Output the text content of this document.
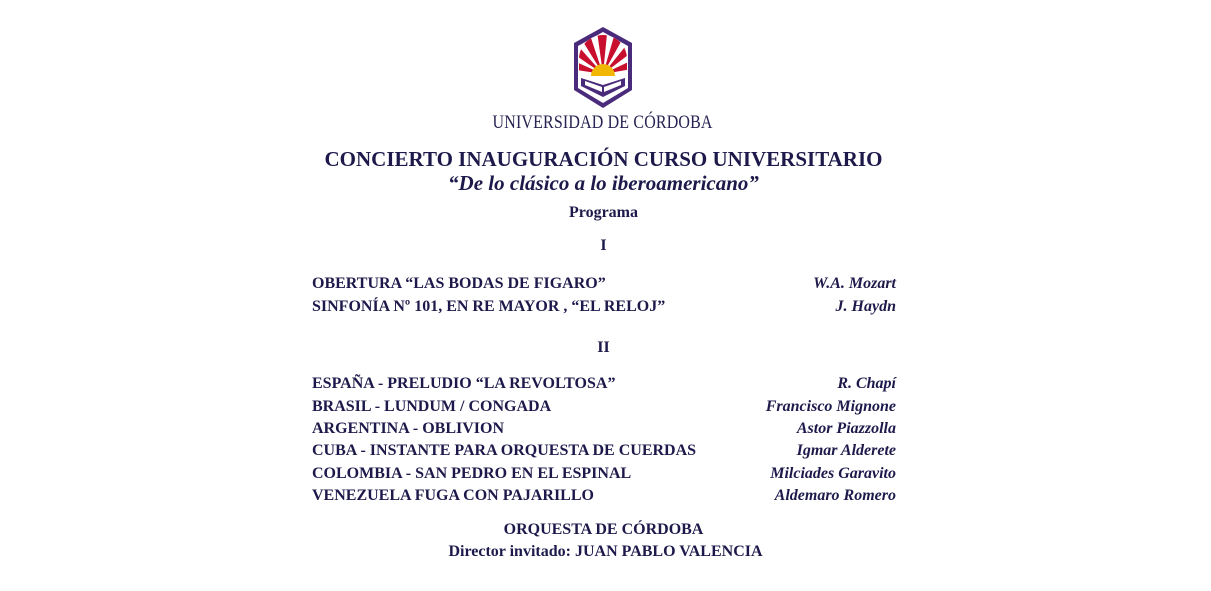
UNIVERSIDAD DE CÓRDOBA
CONCIERTO INAUGURACIÓN CURSO UNIVERSITARIO
“De lo clásico a lo iberoamericano”
Programa
I
OBERTURA “LAS BODAS DE FIGARO”	W.A. Mozart
SINFONÍA Nº 101, EN RE MAYOR , “EL RELOJ”	J. Haydn
II
ESPAÑA - PRELUDIO “LA REVOLTOSA”	R. Chapí
BRASIL - LUNDUM / CONGADA	Francisco Mignone
ARGENTINA - OBLIVION	Astor Piazzolla
CUBA - INSTANTE PARA ORQUESTA DE CUERDAS	Igmar Alderete
COLOMBIA - SAN PEDRO EN EL ESPINAL	Milciades Garavito
VENEZUELA FUGA CON PAJARILLO	Aldemaro Romero
ORQUESTA DE CÓRDOBA
Director invitado: JUAN PABLO VALENCIA
